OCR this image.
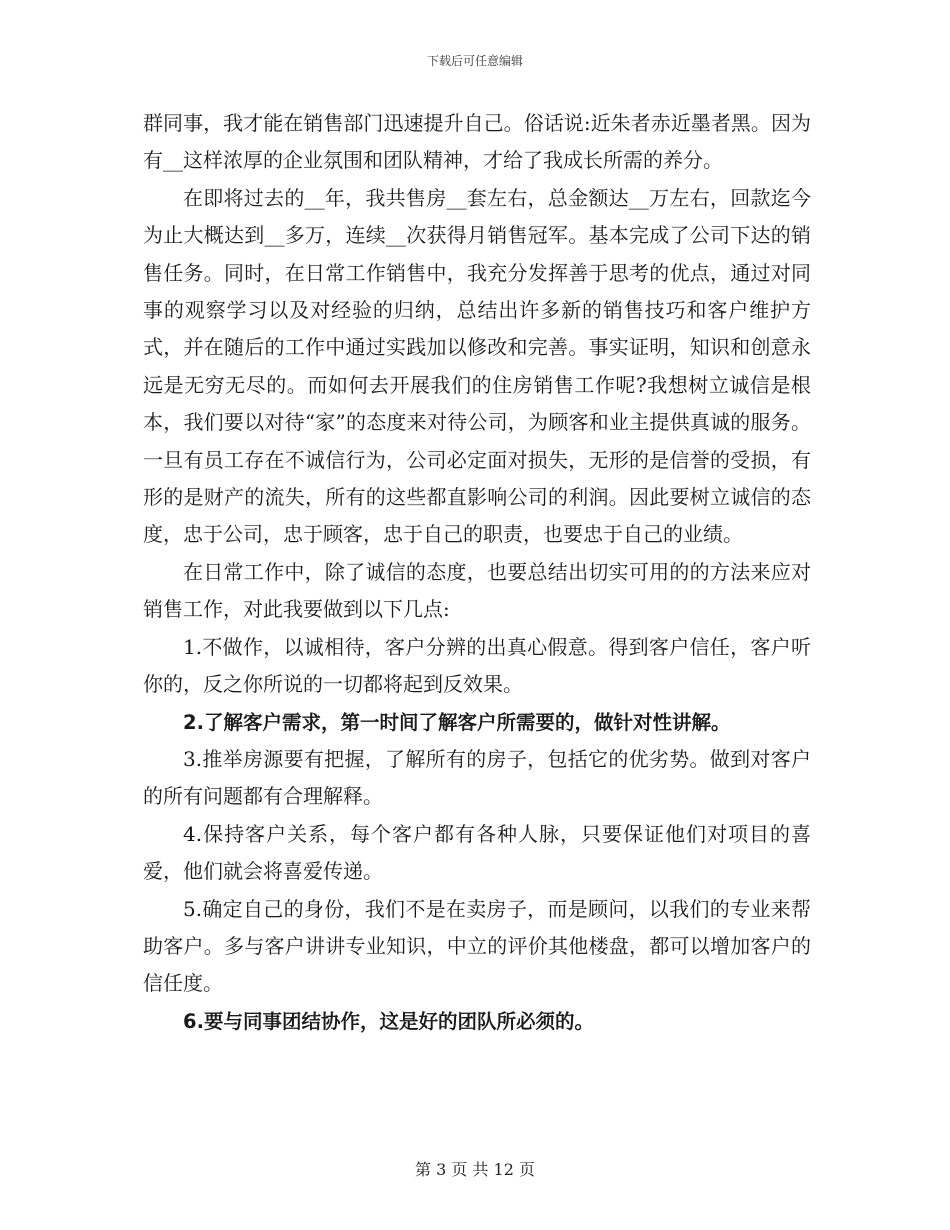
下载后可任意编辑

群同事，我才能在销售部门迅速提升自己。俗话说:近朱者赤近墨者黑。因为有__这样浓厚的企业氛围和团队精神，才给了我成长所需的养分。

在即将过去的__年，我共售房__套左右，总金额达__万左右，回款迄今为止大概达到__多万，连续__次获得月销售冠军。基本完成了公司下达的销售任务。同时，在日常工作销售中，我充分发挥善于思考的优点，通过对同事的观察学习以及对经验的归纳，总结出许多新的销售技巧和客户维护方式，并在随后的工作中通过实践加以修改和完善。事实证明，知识和创意永远是无穷无尽的。而如何去开展我们的住房销售工作呢?我想树立诚信是根本，我们要以对待“家”的态度来对待公司，为顾客和业主提供真诚的服务。一旦有员工存在不诚信行为，公司必定面对损失，无形的是信誉的受损，有形的是财产的流失，所有的这些都直影响公司的利润。因此要树立诚信的态度，忠于公司，忠于顾客，忠于自己的职责，也要忠于自己的业绩。

在日常工作中，除了诚信的态度，也要总结出切实可用的的方法来应对销售工作，对此我要做到以下几点:

1.不做作，以诚相待，客户分辨的出真心假意。得到客户信任，客户听你的，反之你所说的一切都将起到反效果。

2.了解客户需求，第一时间了解客户所需要的，做针对性讲解。

3.推举房源要有把握，了解所有的房子，包括它的优劣势。做到对客户的所有问题都有合理解释。

4.保持客户关系，每个客户都有各种人脉，只要保证他们对项目的喜爱，他们就会将喜爱传递。

5.确定自己的身份，我们不是在卖房子，而是顾问，以我们的专业来帮助客户。多与客户讲讲专业知识，中立的评价其他楼盘，都可以增加客户的信任度。

6.要与同事团结协作，这是好的团队所必须的。

第 3 页 共 12 页
